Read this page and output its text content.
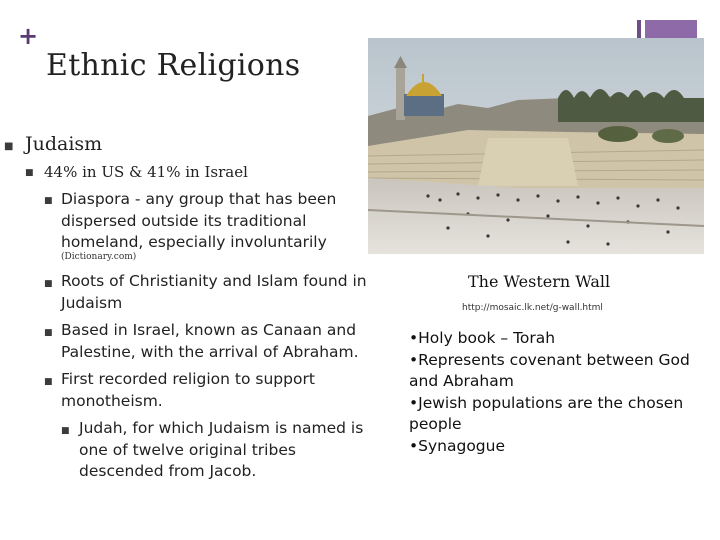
+
Ethnic Religions
■ Judaism
■ 44% in US & 41% in Israel
■ Diaspora - any group that has been dispersed outside its traditional homeland, especially involuntarily
(Dictionary.com)
■ Roots of Christianity and Islam found in Judaism
■ Based in Israel, known as Canaan and Palestine, with the arrival of Abraham.
■ First recorded religion to support monotheism.
■ Judah, for which Judaism is named is one of twelve original tribes descended from Jacob.
The Western Wall
http://mosaic.lk.net/g-wall.html
•Holy book – Torah
•Represents covenant between God and Abraham
•Jewish populations are the chosen people
•Synagogue
